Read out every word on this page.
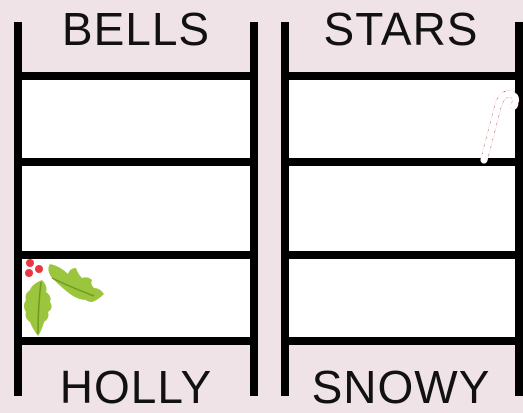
BELLS	STARS
HOLLY	SNOWY
